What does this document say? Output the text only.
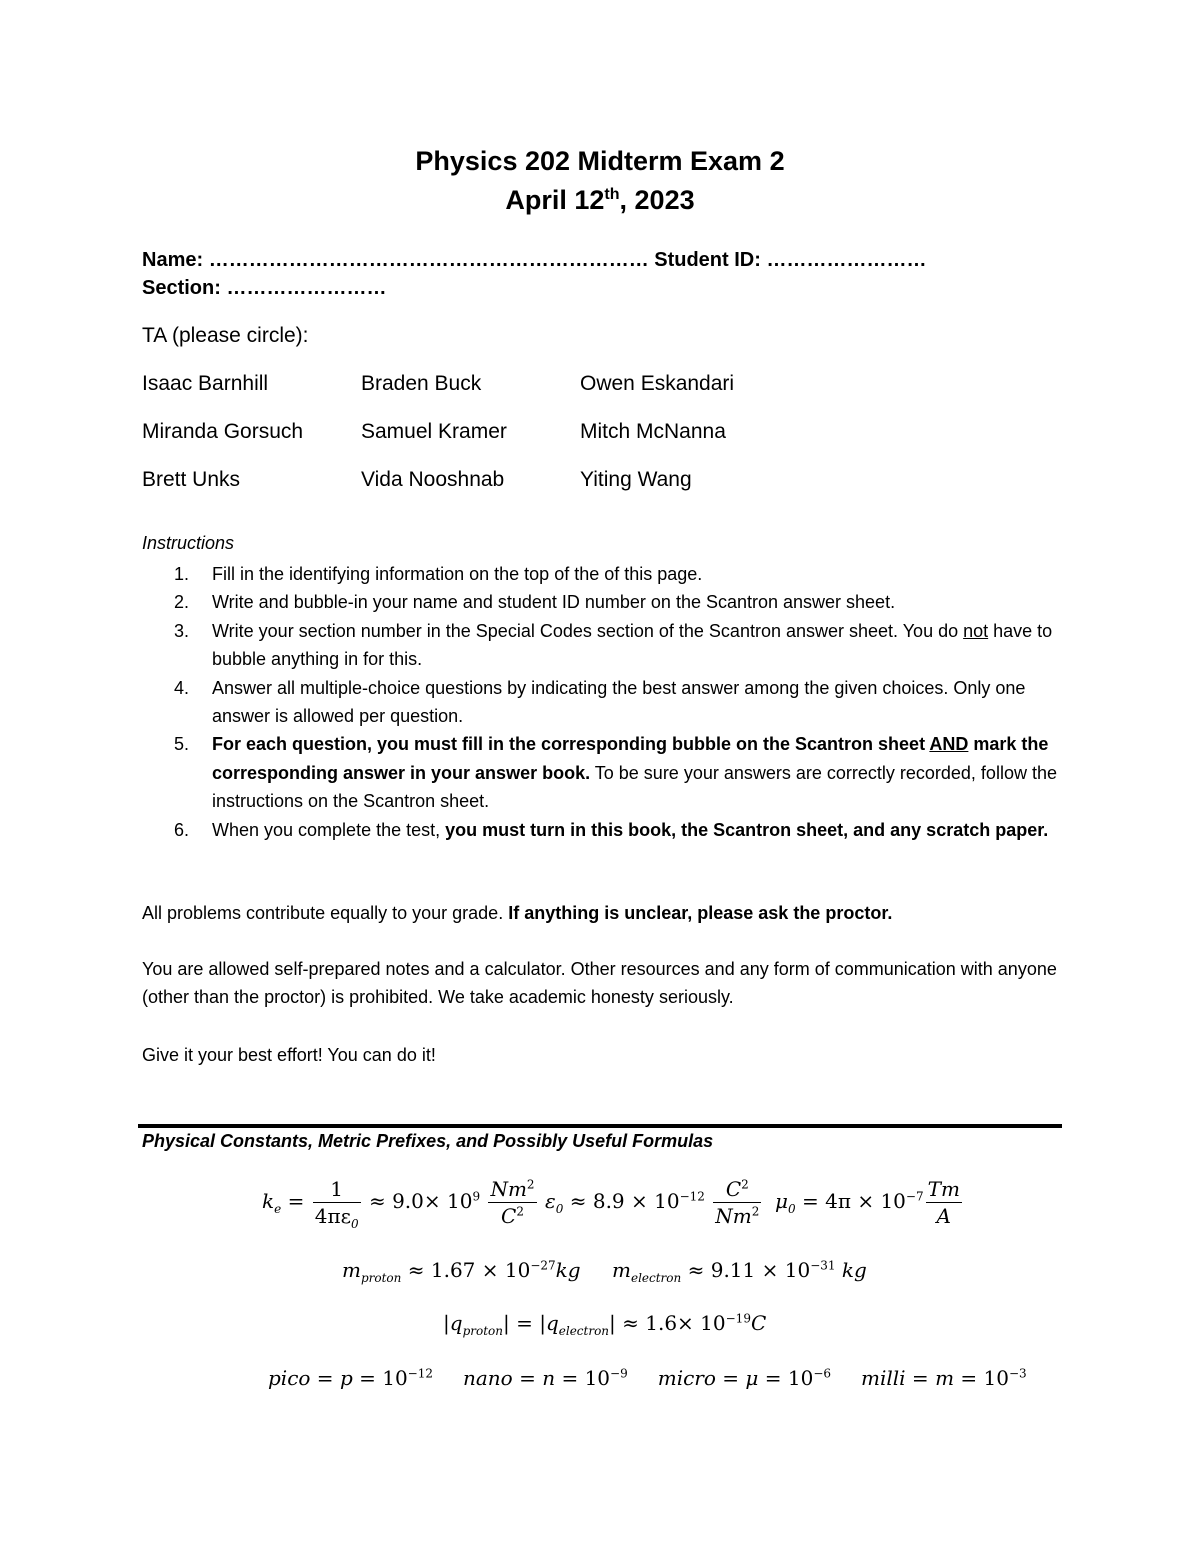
Physics 202 Midterm Exam 2
April 12th, 2023
Name: ………………………………………………………… Student ID: ……………………
Section: ……………………
TA (please circle):
Isaac Barnhill	Braden Buck	Owen Eskandari
Miranda Gorsuch	Samuel Kramer	Mitch McNanna
Brett Unks	Vida Nooshnab	Yiting Wang
Instructions
1. Fill in the identifying information on the top of the of this page.
2. Write and bubble-in your name and student ID number on the Scantron answer sheet.
3. Write your section number in the Special Codes section of the Scantron answer sheet. You do not have to bubble anything in for this.
4. Answer all multiple-choice questions by indicating the best answer among the given choices. Only one answer is allowed per question.
5. For each question, you must fill in the corresponding bubble on the Scantron sheet AND mark the corresponding answer in your answer book. To be sure your answers are correctly recorded, follow the instructions on the Scantron sheet.
6. When you complete the test, you must turn in this book, the Scantron sheet, and any scratch paper.
All problems contribute equally to your grade. If anything is unclear, please ask the proctor.
You are allowed self-prepared notes and a calculator. Other resources and any form of communication with anyone (other than the proctor) is prohibited. We take academic honesty seriously.
Give it your best effort! You can do it!
Physical Constants, Metric Prefixes, and Possibly Useful Formulas
$k_e = \frac{1}{4\pi\varepsilon_0} \approx 9.0\times 10^9 \frac{Nm^2}{C^2} \varepsilon_0 \approx 8.9 \times 10^{-12} \frac{C^2}{Nm^2} \mu_0 = 4\pi \times 10^{-7} \frac{Tm}{A}$
$m_{proton} \approx 1.67 \times 10^{-27}kg$ $m_{electron} \approx 9.11 \times 10^{-31}$ kg
$|q_{proton}| = |q_{electron}| \approx 1.6\times 10^{-19}C$
pico = $p = 10^{-12}$ nano = $n = 10^{-9}$ micro = $\mu = 10^{-6}$ milli = $m = 10^{-3}$
